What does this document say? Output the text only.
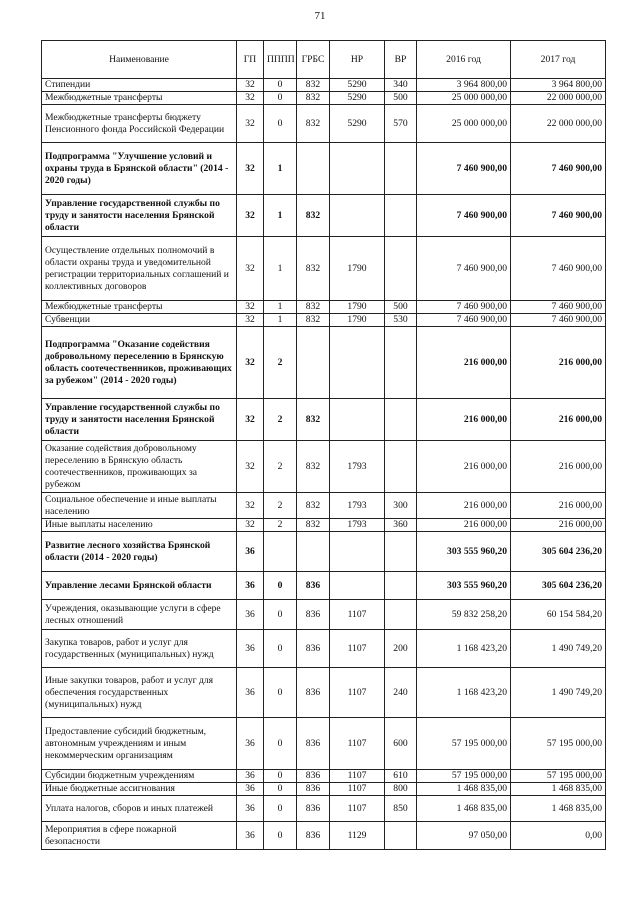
71
Наименование	ГП	ПППП	ГРБС	НР	ВР	2016 год	2017 год
Стипендии	32	0	832	5290	340	3 964 800,00	3 964 800,00
Межбюджетные трансферты	32	0	832	5290	500	25 000 000,00	22 000 000,00
Межбюджетные трансферты бюджету Пенсионного фонда Российской Федерации	32	0	832	5290	570	25 000 000,00	22 000 000,00
Подпрограмма "Улучшение условий и охраны труда в Брянской области" (2014 - 2020 годы)	32	1				7 460 900,00	7 460 900,00
Управление государственной службы по труду и занятости населения Брянской области	32	1	832			7 460 900,00	7 460 900,00
Осуществление отдельных полномочий в области охраны труда и уведомительной регистрации территориальных соглашений и коллективных договоров	32	1	832	1790		7 460 900,00	7 460 900,00
Межбюджетные трансферты	32	1	832	1790	500	7 460 900,00	7 460 900,00
Субвенции	32	1	832	1790	530	7 460 900,00	7 460 900,00
Подпрограмма "Оказание содействия добровольному переселению в Брянскую область соотечественников, проживающих за рубежом" (2014 - 2020 годы)	32	2				216 000,00	216 000,00
Управление государственной службы по труду и занятости населения Брянской области	32	2	832			216 000,00	216 000,00
Оказание содействия добровольному переселению в Брянскую область соотечественников, проживающих за рубежом	32	2	832	1793		216 000,00	216 000,00
Социальное обеспечение и иные выплаты населению	32	2	832	1793	300	216 000,00	216 000,00
Иные выплаты населению	32	2	832	1793	360	216 000,00	216 000,00
Развитие лесного хозяйства Брянской области (2014 - 2020 годы)	36					303 555 960,20	305 604 236,20
Управление лесами Брянской области	36	0	836			303 555 960,20	305 604 236,20
Учреждения, оказывающие услуги в сфере лесных отношений	36	0	836	1107		59 832 258,20	60 154 584,20
Закупка товаров, работ и услуг для государственных (муниципальных) нужд	36	0	836	1107	200	1 168 423,20	1 490 749,20
Иные закупки товаров, работ и услуг для обеспечения государственных (муниципальных) нужд	36	0	836	1107	240	1 168 423,20	1 490 749,20
Предоставление субсидий бюджетным, автономным учреждениям и иным некоммерческим организациям	36	0	836	1107	600	57 195 000,00	57 195 000,00
Субсидии бюджетным учреждениям	36	0	836	1107	610	57 195 000,00	57 195 000,00
Иные бюджетные ассигнования	36	0	836	1107	800	1 468 835,00	1 468 835,00
Уплата налогов, сборов и иных платежей	36	0	836	1107	850	1 468 835,00	1 468 835,00
Мероприятия в сфере пожарной безопасности	36	0	836	1129		97 050,00	0,00
